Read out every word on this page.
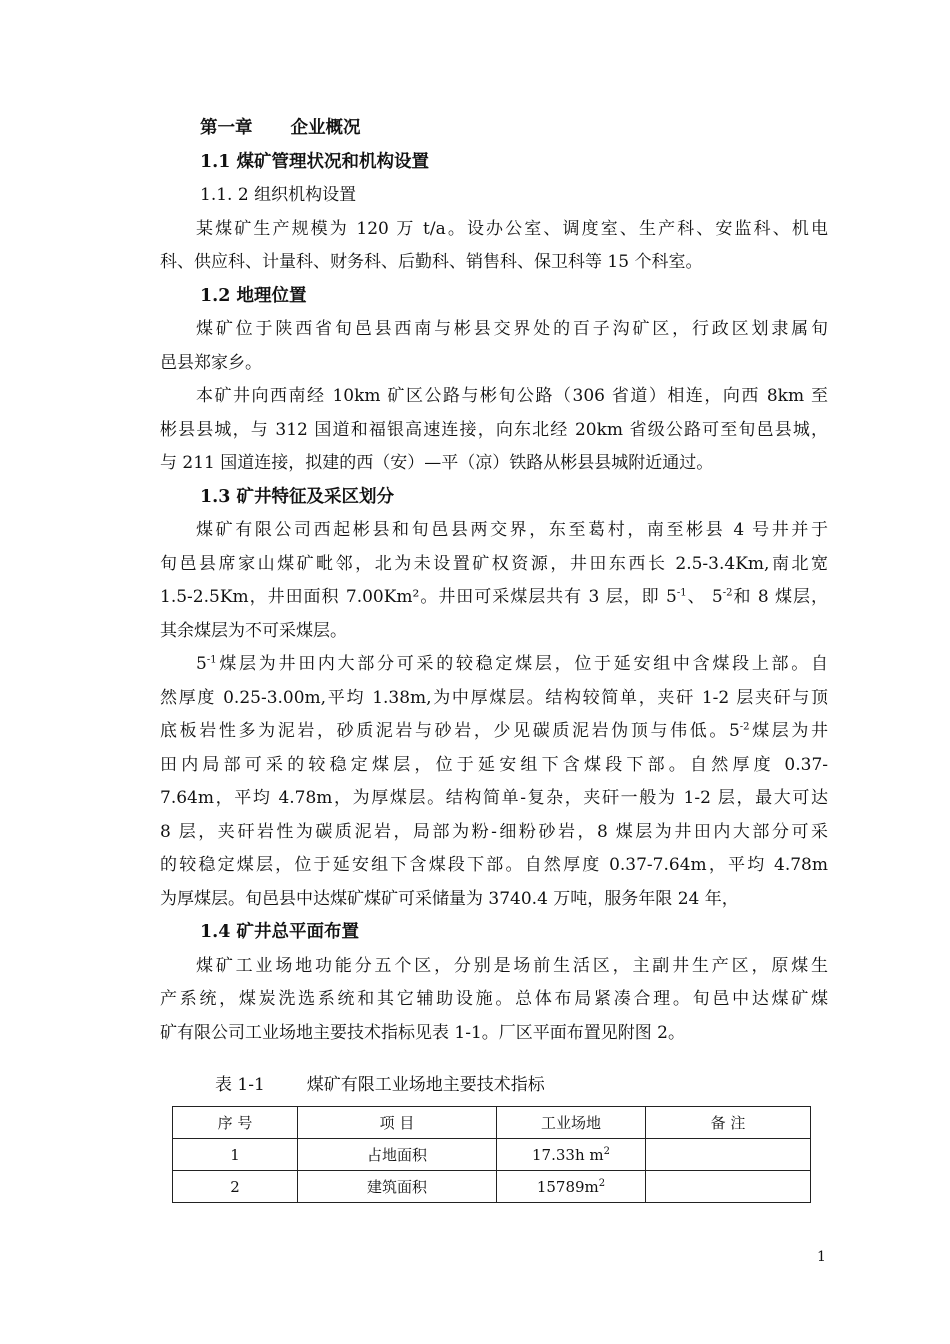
第一章 企业概况
1.1 煤矿管理状况和机构设置
1.1. 2 组织机构设置
某煤矿生产规模为 120 万 t/a。设办公室、调度室、生产科、安监科、机电
科、供应科、计量科、财务科、后勤科、销售科、保卫科等 15 个科室。
1.2 地理位置
煤矿位于陕西省旬邑县西南与彬县交界处的百子沟矿区，行政区划隶属旬
邑县郑家乡。
本矿井向西南经 10km 矿区公路与彬旬公路（306 省道）相连，向西 8km 至
彬县县城，与 312 国道和福银高速连接，向东北经 20km 省级公路可至旬邑县城，
与 211 国道连接，拟建的西（安）—平（凉）铁路从彬县县城附近通过。
1.3 矿井特征及采区划分
煤矿有限公司西起彬县和旬邑县两交界，东至葛村，南至彬县 4 号井并于
旬邑县席家山煤矿毗邻，北为未设置矿权资源，井田东西长 2.5-3.4Km,南北宽
1.5-2.5Km，井田面积 7.00Km²。井田可采煤层共有 3 层，即 $5^{-1}$、 $5^{-2}$和 8 煤层，
其余煤层为不可采煤层。
$5^{-1}$煤层为井田内大部分可采的较稳定煤层，位于延安组中含煤段上部。自
然厚度 0.25-3.00m,平均 1.38m,为中厚煤层。结构较简单，夹矸 1-2 层夹矸与顶
底板岩性多为泥岩，砂质泥岩与砂岩，少见碳质泥岩伪顶与伟低。$5^{-2}$煤层为井
田内局部可采的较稳定煤层，位于延安组下含煤段下部。自然厚度 0.37-
7.64m，平均 4.78m，为厚煤层。结构简单-复杂，夹矸一般为 1-2 层，最大可达
8 层，夹矸岩性为碳质泥岩，局部为粉-细粉砂岩，8 煤层为井田内大部分可采
的较稳定煤层，位于延安组下含煤段下部。自然厚度 0.37-7.64m，平均 4.78m
为厚煤层。旬邑县中达煤矿煤矿可采储量为 3740.4 万吨，服务年限 24 年，
1.4 矿井总平面布置
煤矿工业场地功能分五个区，分别是场前生活区，主副井生产区，原煤生
产系统，煤炭洗选系统和其它辅助设施。总体布局紧凑合理。旬邑中达煤矿煤
矿有限公司工业场地主要技术指标见表 1-1。厂区平面布置见附图 2。
表 1-1 煤矿有限工业场地主要技术指标
序 号	项 目	工业场地	备 注
1	占地面积	17.33h $m^2$	
2	建筑面积	$15789m^2$	
1
